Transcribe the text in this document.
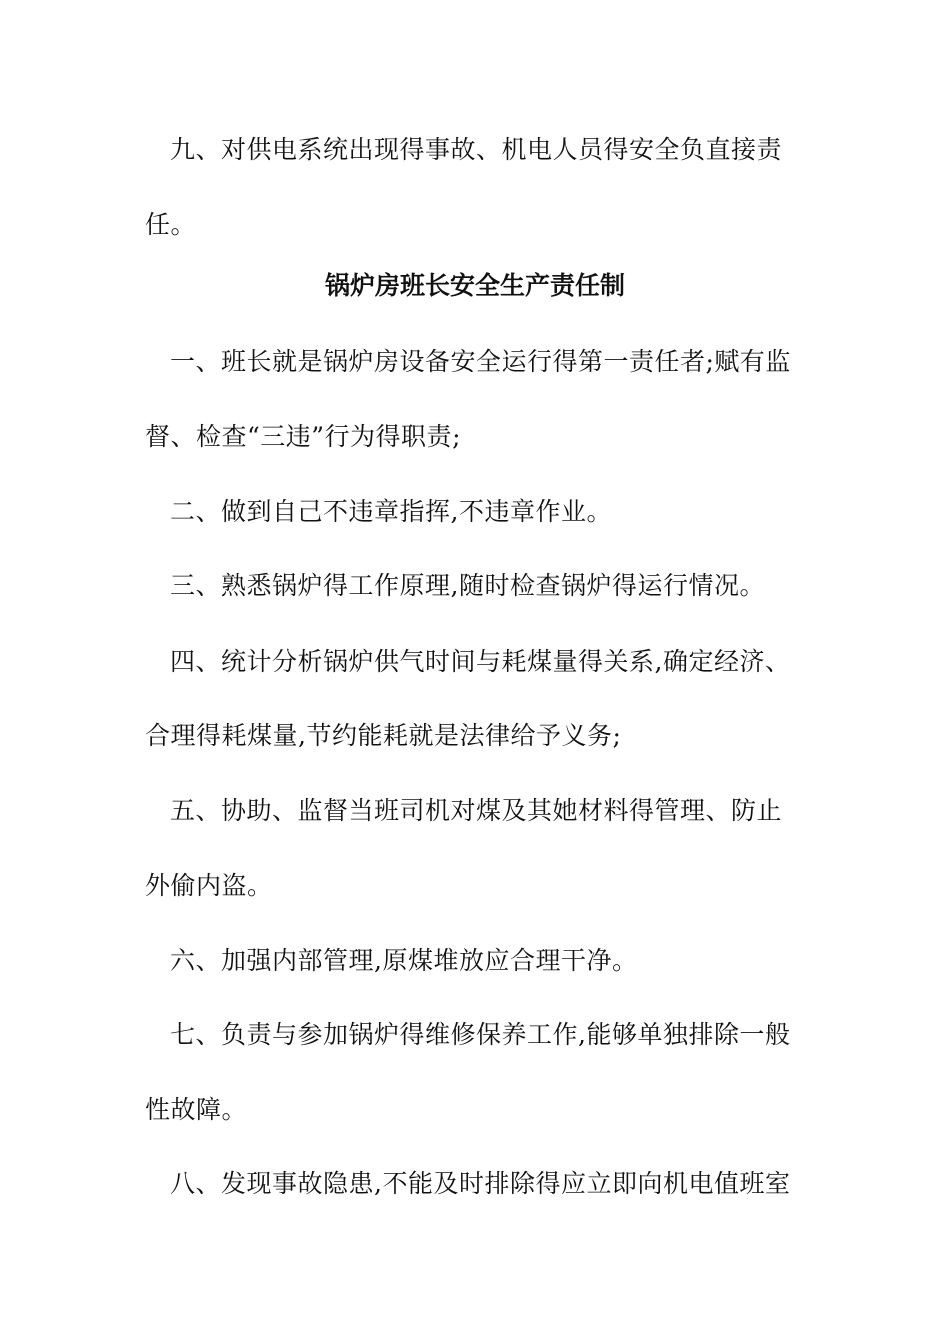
九、对供电系统出现得事故、机电人员得安全负直接责
任。
锅炉房班长安全生产责任制
一、班长就是锅炉房设备安全运行得第一责任者;赋有监
督、检查“三违”行为得职责;
二、做到自己不违章指挥,不违章作业。
三、熟悉锅炉得工作原理,随时检查锅炉得运行情况。
四、统计分析锅炉供气时间与耗煤量得关系,确定经济、
合理得耗煤量,节约能耗就是法律给予义务;
五、协助、监督当班司机对煤及其她材料得管理、防止
外偷内盗。
六、加强内部管理,原煤堆放应合理干净。
七、负责与参加锅炉得维修保养工作,能够单独排除一般
性故障。
八、发现事故隐患,不能及时排除得应立即向机电值班室
